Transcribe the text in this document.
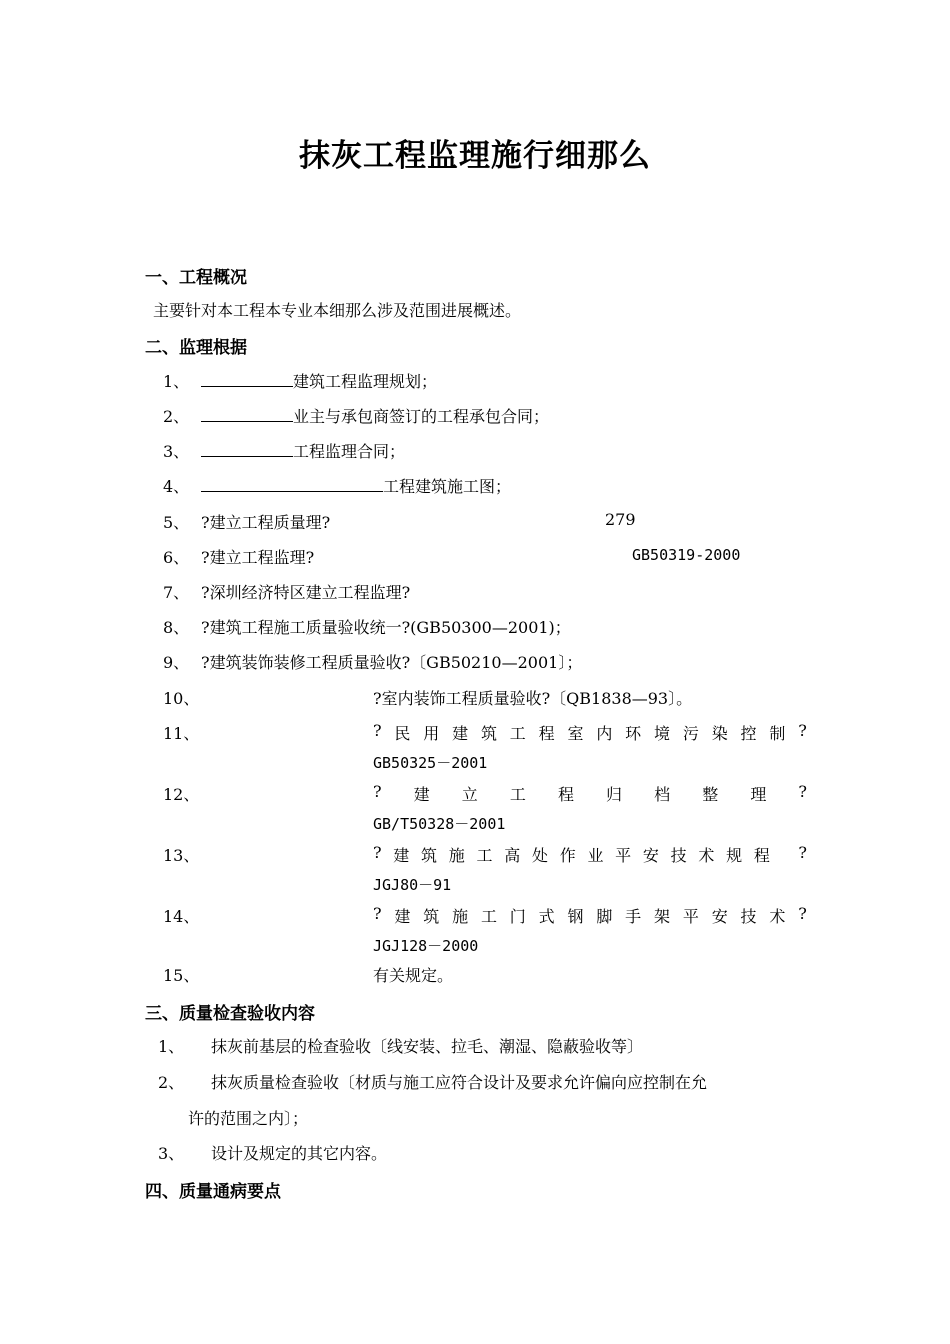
抹灰工程监理施行细那么
一、工程概况
主要针对本工程本专业本细那么涉及范围进展概述。
二、监理根据
1、	建筑工程监理规划；
2、	业主与承包商签订的工程承包合同；
3、	工程监理合同；
4、	工程建筑施工图；
5、 ?建立工程质量理?	279
6、 ?建立工程监理?	GB50319-2000
7、 ?深圳经济特区建立工程监理?
8、 ?建筑工程施工质量验收统一?(GB50300—2001)；
9、 ?建筑装饰装修工程质量验收?〔GB50210—2001〕；
10、	?室内装饰工程质量验收?〔QB1838—93〕。
11、	? 民 用 建 筑 工 程 室 内 环 境 污 染 控 制 ?
GB50325－2001
12、	? 建 立 工 程 归 档 整 理 ?
GB/T50328－2001
13、	? 建 筑 施 工 高 处 作 业 平 安 技 术 规 程
?
JGJ80－91
14、	? 建 筑 施 工 门 式 钢 脚 手 架 平 安 技 术 ?
JGJ128－2000
15、	有关规定。
三、质量检查验收内容
1、 抹灰前基层的检查验收〔线安装、拉毛、潮湿、隐蔽验收等〕
2、 抹灰质量检查验收〔材质与施工应符合设计及要求允许偏向应控制在允
许的范围之内〕；
3、 设计及规定的其它内容。
四、质量通病要点
